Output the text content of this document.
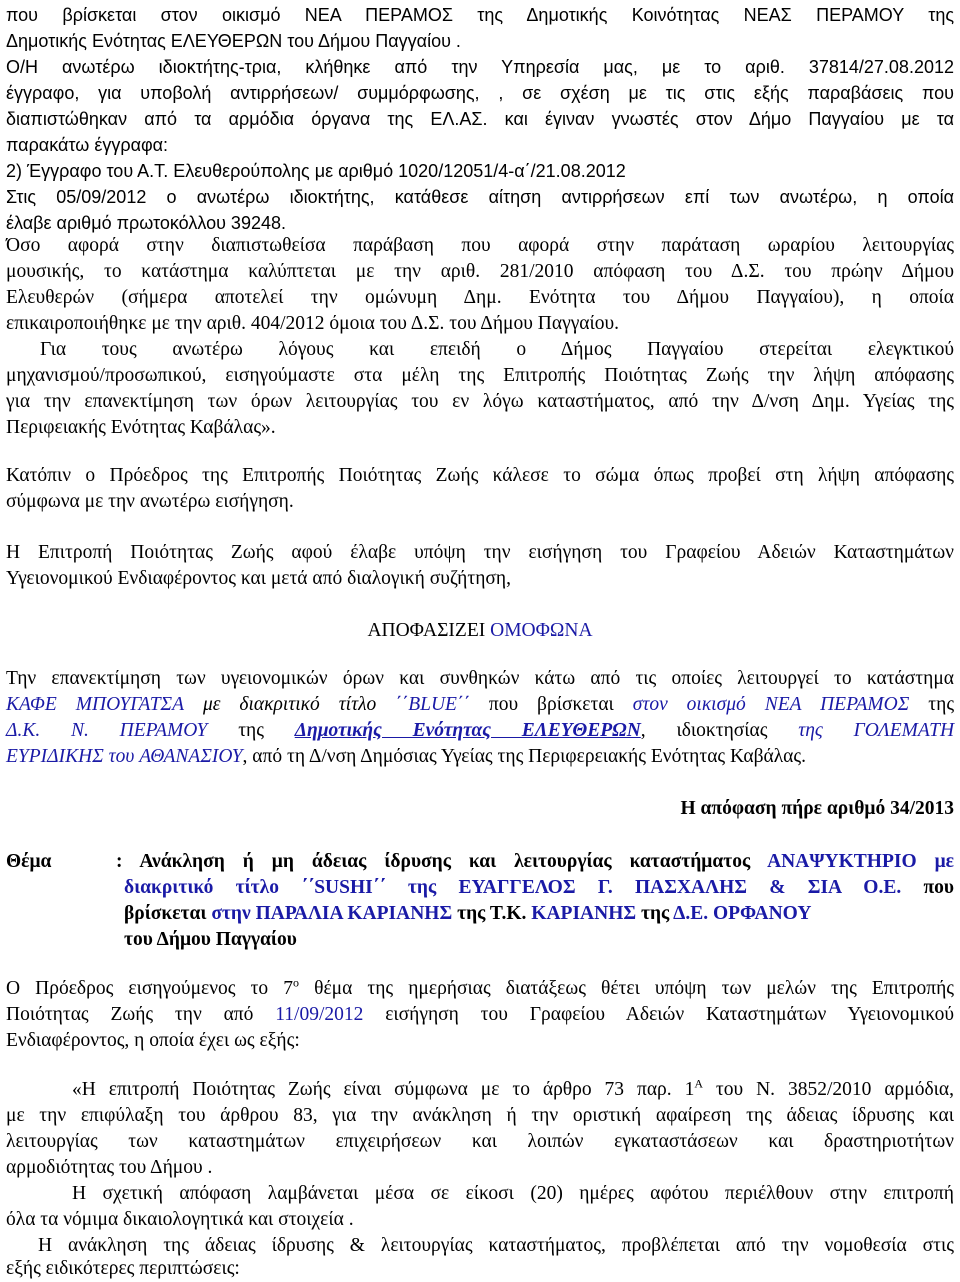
που βρίσκεται στον οικισμό ΝΕΑ ΠΕΡΑΜΟΣ της Δημοτικής Κοινότητας ΝΕΑΣ ΠΕΡΑΜΟΥ της
Δημοτικής Ενότητας ΕΛΕΥΘΕΡΩΝ του Δήμου Παγγαίου .
Ο/Η ανωτέρω ιδιοκτήτης-τρια, κλήθηκε από την Υπηρεσία μας, με το αριθ. 37814/27.08.2012
έγγραφο, για υποβολή αντιρρήσεων/ συμμόρφωσης, , σε σχέση με τις στις εξής παραβάσεις που
διαπιστώθηκαν από τα αρμόδια όργανα της ΕΛ.ΑΣ. και έγιναν γνωστές στον Δήμο Παγγαίου με τα
παρακάτω έγγραφα:
2) Έγγραφο του Α.Τ. Ελευθερούπολης με αριθμό 1020/12051/4-α΄/21.08.2012
Στις 05/09/2012 ο ανωτέρω ιδιοκτήτης, κατάθεσε αίτηση αντιρρήσεων επί των ανωτέρω, η οποία
έλαβε αριθμό πρωτοκόλλου 39248.
Όσο αφορά στην διαπιστωθείσα παράβαση που αφορά στην παράταση ωραρίου λειτουργίας
μουσικής, το κατάστημα καλύπτεται με την αριθ. 281/2010 απόφαση του Δ.Σ. του πρώην Δήμου
Ελευθερών (σήμερα αποτελεί την ομώνυμη Δημ. Ενότητα του Δήμου Παγγαίου), η οποία
επικαιροποιήθηκε με την αριθ. 404/2012 όμοια του Δ.Σ. του Δήμου Παγγαίου.
Για τους ανωτέρω λόγους και επειδή ο Δήμος Παγγαίου στερείται ελεγκτικού
μηχανισμού/προσωπικού, εισηγούμαστε στα μέλη της Επιτροπής Ποιότητας Ζωής την λήψη απόφασης
για την επανεκτίμηση των όρων λειτουργίας του εν λόγω καταστήματος, από την Δ/νση Δημ. Υγείας της
Περιφειακής Ενότητας Καβάλας».
Κατόπιν ο Πρόεδρος της Επιτροπής Ποιότητας Ζωής κάλεσε το σώμα όπως προβεί στη λήψη απόφασης
σύμφωνα με την ανωτέρω εισήγηση.
Η Επιτροπή Ποιότητας Ζωής αφού έλαβε υπόψη την εισήγηση του Γραφείου Αδειών Καταστημάτων
Υγειονομικού Ενδιαφέροντος και μετά από διαλογική συζήτηση,
ΑΠΟΦΑΣΙΖΕΙ ΟΜΟΦΩΝΑ
Την επανεκτίμηση των υγειονομικών όρων και συνθηκών κάτω από τις οποίες λειτουργεί το κατάστημα
ΚΑΦΕ ΜΠΟΥΓΑΤΣΑ με διακριτικό τίτλο ΄΄BLUE΄΄ που βρίσκεται στον οικισμό ΝΕΑ ΠΕΡΑΜΟΣ της
Δ.Κ. Ν. ΠΕΡΑΜΟΥ της Δημοτικής Ενότητας ΕΛΕΥΘΕΡΩΝ, ιδιοκτησίας της ΓΟΛΕΜΑΤΗ
ΕΥΡΙΔΙΚΗΣ του ΑΘΑΝΑΣΙΟΥ, από τη Δ/νση Δημόσιας Υγείας της Περιφερειακής Ενότητας Καβάλας.
Η απόφαση πήρε αριθμό 34/2013
Θέμα	: Ανάκληση ή μη άδειας ίδρυσης και λειτουργίας καταστήματος ΑΝΑΨΥΚΤΗΡΙΟ με
διακριτικό τίτλο ΄΄SUSHI΄΄ της ΕΥΑΓΓΕΛΟΣ Γ. ΠΑΣΧΑΛΗΣ & ΣΙΑ Ο.Ε. που
βρίσκεται στην ΠΑΡΑΛΙΑ ΚΑΡΙΑΝΗΣ της Τ.Κ. ΚΑΡΙΑΝΗΣ της Δ.Ε. ΟΡΦΑΝΟΥ
του Δήμου Παγγαίου
Ο Πρόεδρος εισηγούμενος το $7^o$ θέμα της ημερήσιας διατάξεως θέτει υπόψη των μελών της Επιτροπής
Ποιότητας Ζωής την από 11/09/2012 εισήγηση του Γραφείου Αδειών Καταστημάτων Υγειονομικού
Ενδιαφέροντος, η οποία έχει ως εξής:
«Η επιτροπή Ποιότητας Ζωής είναι σύμφωνα με το άρθρο 73 παρ. $1^A$ του Ν. 3852/2010 αρμόδια,
με την επιφύλαξη του άρθρου 83, για την ανάκληση ή την οριστική αφαίρεση της άδειας ίδρυσης και
λειτουργίας των καταστημάτων επιχειρήσεων και λοιπών εγκαταστάσεων και δραστηριοτήτων
αρμοδιότητας του Δήμου .
Η σχετική απόφαση λαμβάνεται μέσα σε είκοσι (20) ημέρες αφότου περιέλθουν στην επιτροπή
όλα τα νόμιμα δικαιολογητικά και στοιχεία .
Η ανάκληση της άδειας ίδρυσης & λειτουργίας καταστήματος, προβλέπεται από την νομοθεσία στις
εξής ειδικότερες περιπτώσεις:
